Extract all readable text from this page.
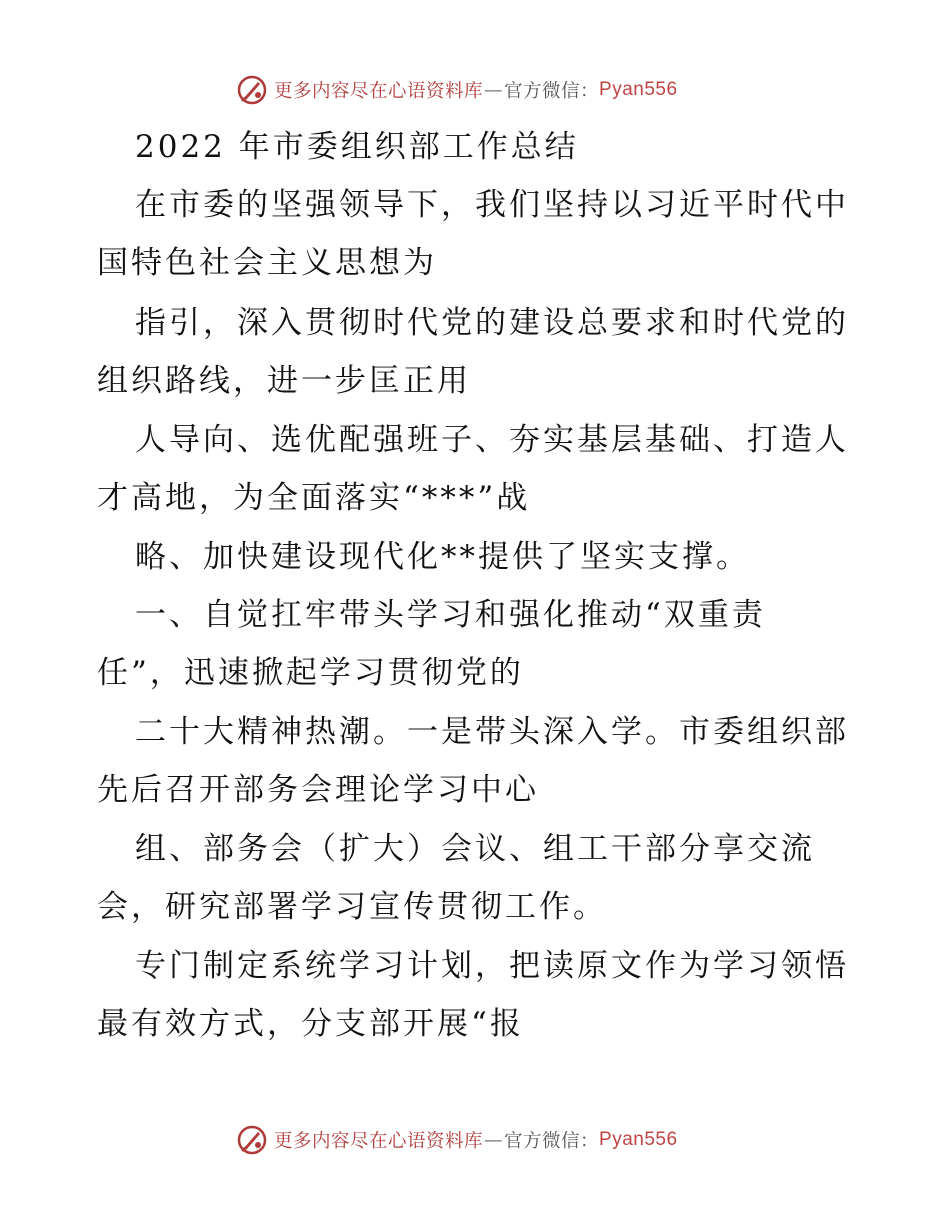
更多内容尽在心语资料库 — 官方微信： Pyan556
2022 年市委组织部工作总结
在市委的坚强领导下，我们坚持以习近平时代中
国特色社会主义思想为
指引，深入贯彻时代党的建设总要求和时代党的
组织路线，进一步匡正用
人导向、选优配强班子、夯实基层基础、打造人
才高地，为全面落实“***”战
略、加快建设现代化**提供了坚实支撑。
一、自觉扛牢带头学习和强化推动“双重责
任”，迅速掀起学习贯彻党的
二十大精神热潮。一是带头深入学。市委组织部
先后召开部务会理论学习中心
组、部务会（扩大）会议、组工干部分享交流
会，研究部署学习宣传贯彻工作。
专门制定系统学习计划，把读原文作为学习领悟
最有效方式，分支部开展“报
更多内容尽在心语资料库 — 官方微信： Pyan556
